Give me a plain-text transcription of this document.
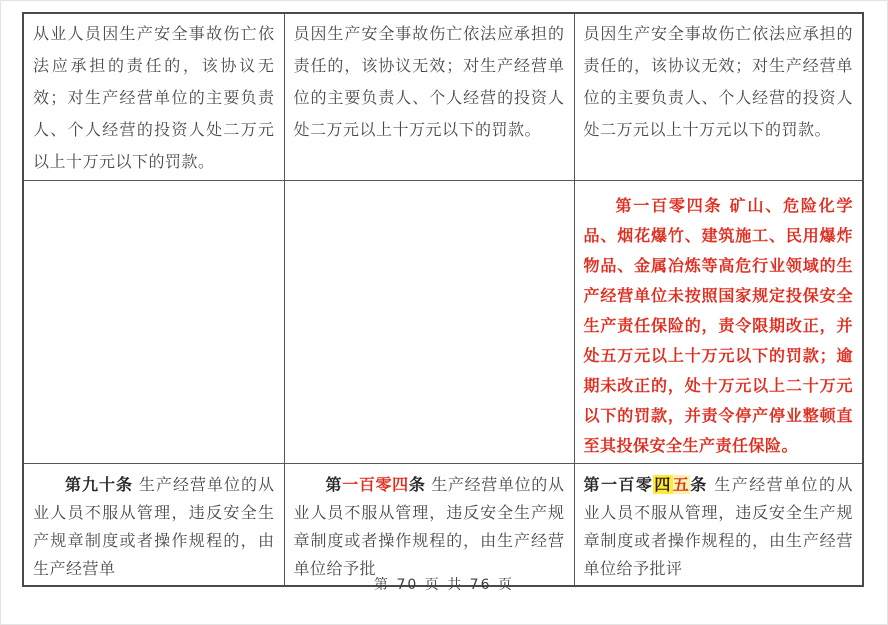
从业人员因生产安全事故伤亡依法应承担的责任的，该协议无效；对生产经营单位的主要负责人、个人经营的投资人处二万元以上十万元以下的罚款。	员因生产安全事故伤亡依法应承担的责任的，该协议无效；对生产经营单位的主要负责人、个人经营的投资人处二万元以上十万元以下的罚款。	员因生产安全事故伤亡依法应承担的责任的，该协议无效；对生产经营单位的主要负责人、个人经营的投资人处二万元以上十万元以下的罚款。

		第一百零四条 矿山、危险化学品、烟花爆竹、建筑施工、民用爆炸物品、金属冶炼等高危行业领域的生产经营单位未按照国家规定投保安全生产责任保险的，责令限期改正，并处五万元以上十万元以下的罚款；逾期未改正的，处十万元以上二十万元以下的罚款，并责令停产停业整顿直至其投保安全生产责任保险。

第九十条 生产经营单位的从业人员不服从管理，违反安全生产规章制度或者操作规程的，由生产经营单	第一百零四条 生产经营单位的从业人员不服从管理，违反安全生产规章制度或者操作规程的，由生产经营单位给予批	第一百零四五条 生产经营单位的从业人员不服从管理，违反安全生产规章制度或者操作规程的，由生产经营单位给予批评

第 70 页 共 76 页
